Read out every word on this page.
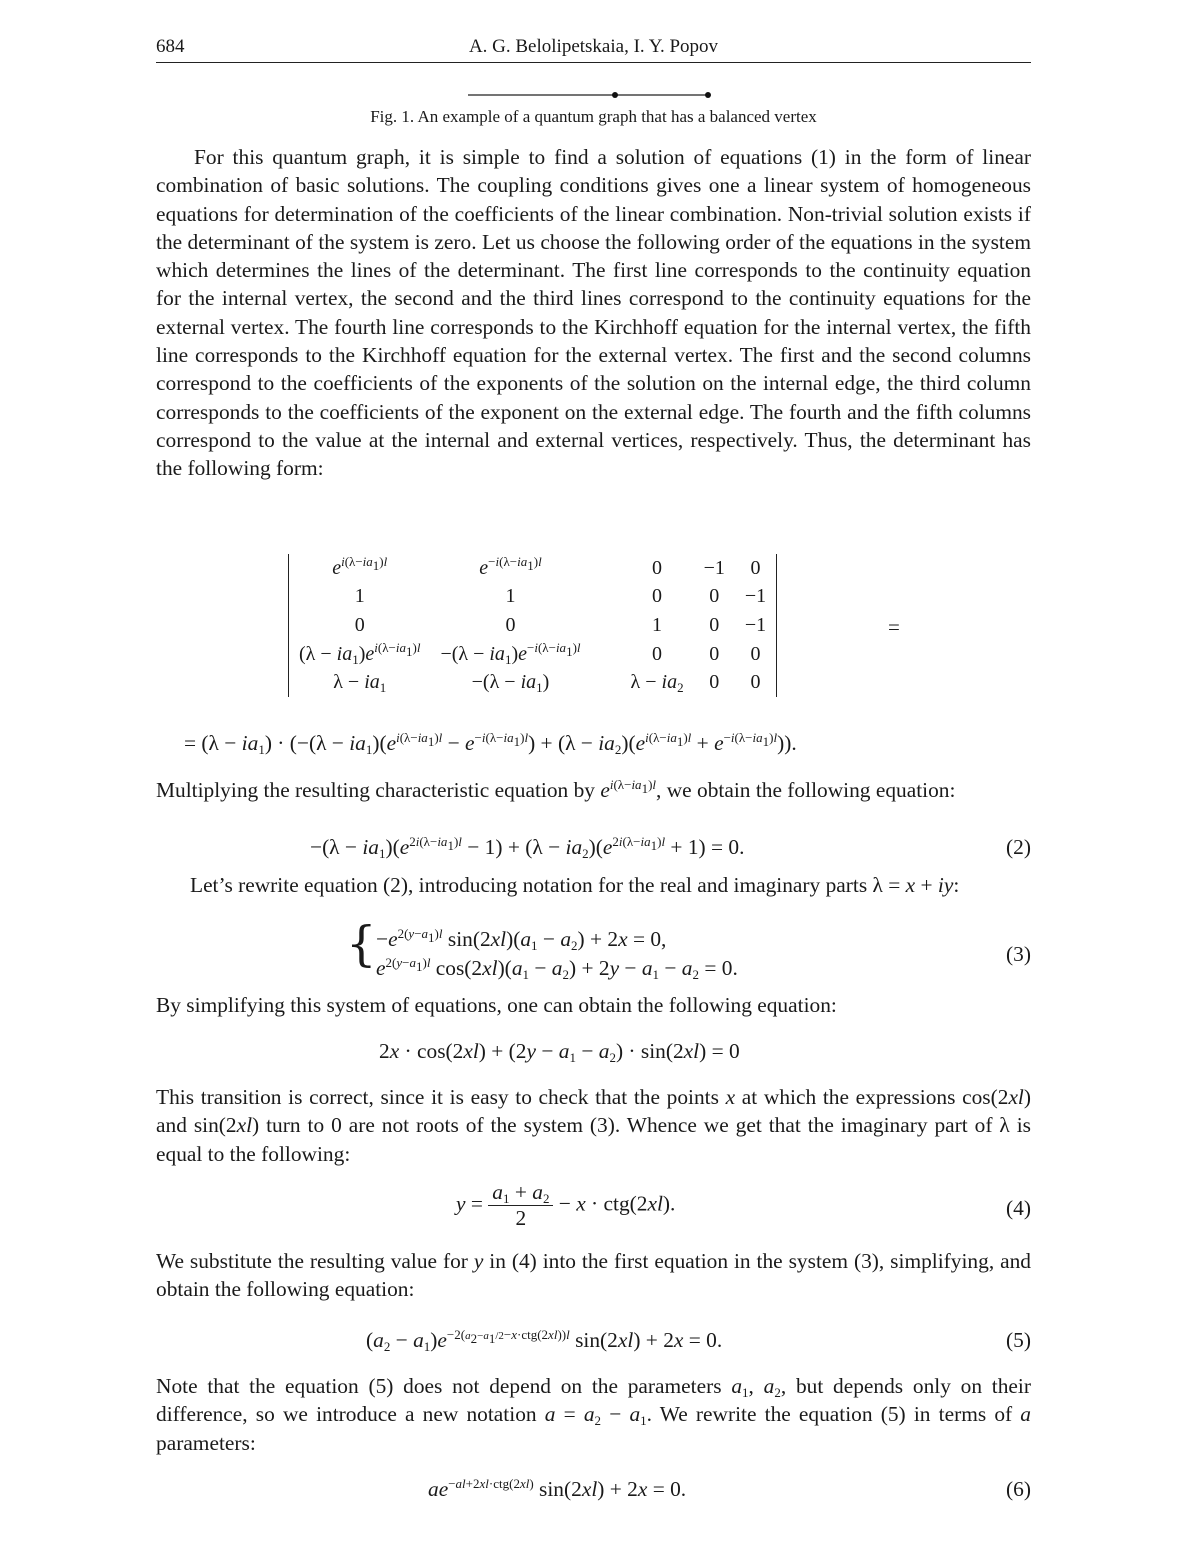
684	A. G. Belolipetskaia, I. Y. Popov
Fig. 1. An example of a quantum graph that has a balanced vertex
For this quantum graph, it is simple to find a solution of equations (1) in the form of linear combination of basic solutions. The coupling conditions gives one a linear system of homogeneous equations for determination of the coefficients of the linear combination. Non-trivial solution exists if the determinant of the system is zero. Let us choose the following order of the equations in the system which determines the lines of the determinant. The first line corresponds to the continuity equation for the internal vertex, the second and the third lines correspond to the continuity equations for the external vertex. The fourth line corresponds to the Kirchhoff equation for the internal vertex, the fifth line corresponds to the Kirchhoff equation for the external vertex. The first and the second columns correspond to the coefficients of the exponents of the solution on the internal edge, the third column corresponds to the coefficients of the exponent on the external edge. The fourth and the fifth columns correspond to the value at the internal and external vertices, respectively. Thus, the determinant has the following form:
$e^{i(\lambda-ia_1)l}$	$e^{-i(\lambda-ia_1)l}$	0	−1	0
1	1	0	0	−1
0	0	1	0	−1
$(\lambda - ia_1)e^{i(\lambda-ia_1)l}$	$-(\lambda - ia_1)e^{-i(\lambda-ia_1)l}$	0	0	0
$\lambda - ia_1$	$-(\lambda - ia_1)$	$\lambda - ia_2$	0	0
=
= $(\lambda - ia_1) \cdot (-(\lambda - ia_1)(e^{i(\lambda-ia_1)l} - e^{-i(\lambda-ia_1)l}) + (\lambda - ia_2)(e^{i(\lambda-ia_1)l} + e^{-i(\lambda-ia_1)l}))$.
Multiplying the resulting characteristic equation by $e^{i(\lambda-ia_1)l}$, we obtain the following equation:
$-(\lambda - ia_1)(e^{2i(\lambda-ia_1)l} - 1) + (\lambda - ia_2)(e^{2i(\lambda-ia_1)l} + 1) = 0$.	(2)
Let’s rewrite equation (2), introducing notation for the real and imaginary parts λ = x + iy:
{ $-e^{2(y-a_1)l}$ $\sin(2xl)(a_1 - a_2) + 2x = 0$,
$e^{2(y-a_1)l}$ $\cos(2xl)(a_1 - a_2) + 2y - a_1 - a_2 = 0$.
(3)
By simplifying this system of equations, one can obtain the following equation:
$2x \cdot \cos(2xl) + (2y - a_1 - a_2) \cdot \sin(2xl) = 0$
This transition is correct, since it is easy to check that the points x at which the expressions cos(2xl) and sin(2xl) turn to 0 are not roots of the system (3). Whence we get that the imaginary part of λ is equal to the following:
$y = \frac{a_1 + a_2}{2} - x \cdot ctg(2xl)$.	(4)
We substitute the resulting value for y in (4) into the first equation in the system (3), simplifying, and obtain the following equation:
$(a_2 - a_1)e^{-2(a_2-a_1/2-x\cdot ctg(2xl))l}$ sin(2xl) + 2x = 0.	(5)
Note that the equation (5) does not depend on the parameters $a_1$, $a_2$, but depends only on their difference, so we introduce a new notation $a = a_2 - a_1$. We rewrite the equation (5) in terms of a parameters:
$ae^{-al+2xl\cdot ctg(2xl)}$ sin(2xl) + 2x = 0.	(6)
